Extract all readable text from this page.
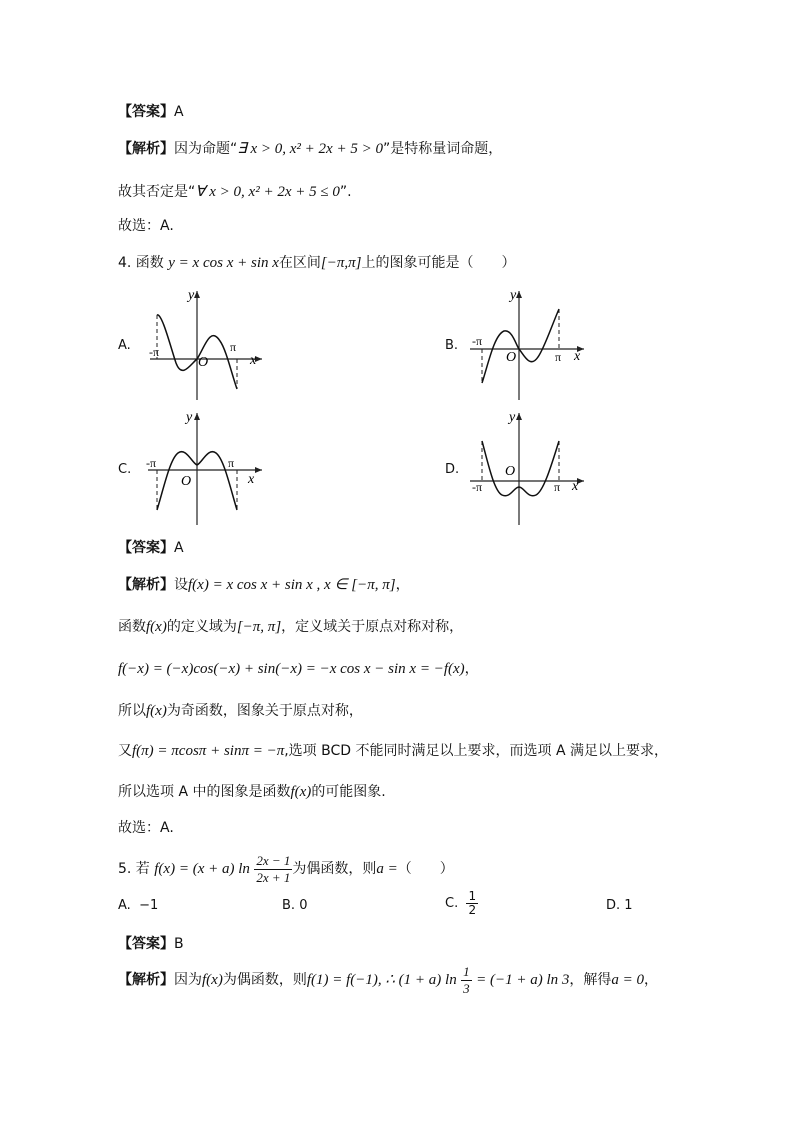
【答案】A
【解析】因为命题“∃ x > 0, x² + 2x + 5 > 0”是特称量词命题，
故其否定是“∀ x > 0, x² + 2x + 5 ≤ 0”.
故选：A.
4. 函数 y = x cos x + sin x在区间[−π,π]上的图象可能是（　　）
A.
y
x
-π	π
O
B.
y
x
-π
π
O
C.
y
x
-π	π
O
D.
y
x
-π	π
O
【答案】A
【解析】设f(x) = x cos x + sin x , x ∈ [−π, π]，
函数f(x)的定义域为[−π, π]，定义域关于原点对称对称，
f(−x) = (−x)cos(−x) + sin(−x) = −x cos x − sin x = −f(x)，
所以f(x)为奇函数，图象关于原点对称，
又f(π) = πcosπ + sinπ = −π,选项 BCD 不能同时满足以上要求，而选项 A 满足以上要求，
所以选项 A 中的图象是函数f(x)的可能图象.
故选：A.
5. 若 f(x) = (x + a) $\ln \frac{2x - 1}{2x + 1}$ 为偶函数，则a =（　　）
A. −1	B. 0	C. $\frac{1}{2}$	D. 1
【答案】B
【解析】因为f(x)为偶函数，则f(1) = f(−1), ∴ (1 + a) $\ln \frac{1}{3} = (-1 + a)$ ln 3，解得a = 0，
